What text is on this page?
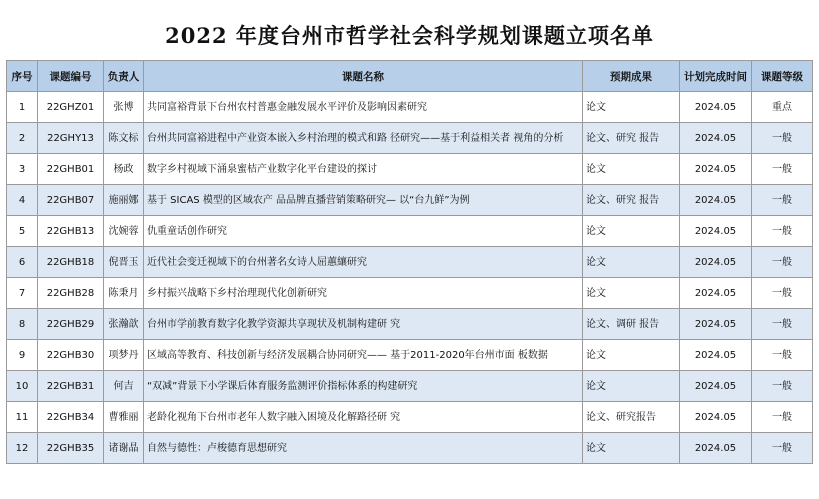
2022 年度台州市哲学社会科学规划课题立项名单
序号	课题编号	负责人	课题名称	预期成果	计划完成时间	课题等级
1	22GHZ01	张博	共同富裕背景下台州农村普惠金融发展水平评价及影响因素研究	论文	2024.05	重点
2	22GHY13	陈文标	台州共同富裕进程中产业资本嵌入乡村治理的模式和路 径研究——基于利益相关者 视角的分析	论文、研究 报告	2024.05	一般
3	22GHB01	杨政	数字乡村视域下涌泉蜜桔产业数字化平台建设的探讨	论文	2024.05	一般
4	22GHB07	施丽娜	基于 SICAS 模型的区域农产 品品牌直播营销策略研究— 以“台九鲜”为例	论文、研究 报告	2024.05	一般
5	22GHB13	沈婉蓉	仇重童话创作研究	论文	2024.05	一般
6	22GHB18	倪晋玉	近代社会变迁视域下的台州著名女诗人屈蕙纕研究	论文	2024.05	一般
7	22GHB28	陈秉月	乡村振兴战略下乡村治理现代化创新研究	论文	2024.05	一般
8	22GHB29	张瀚歆	台州市学前教育数字化教学资源共享现状及机制构建研 究	论文、调研 报告	2024.05	一般
9	22GHB30	项梦丹	区域高等教育、科技创新与经济发展耦合协同研究—— 基于2011-2020年台州市面 板数据	论文	2024.05	一般
10	22GHB31	何吉	“双减”背景下小学课后体育服务监测评价指标体系的构建研究	论文	2024.05	一般
11	22GHB34	曹雅丽	老龄化视角下台州市老年人数字融入困境及化解路径研 究	论文、研究报告	2024.05	一般
12	22GHB35	诸谢晶	自然与德性：卢梭德育思想研究	论文	2024.05	一般
